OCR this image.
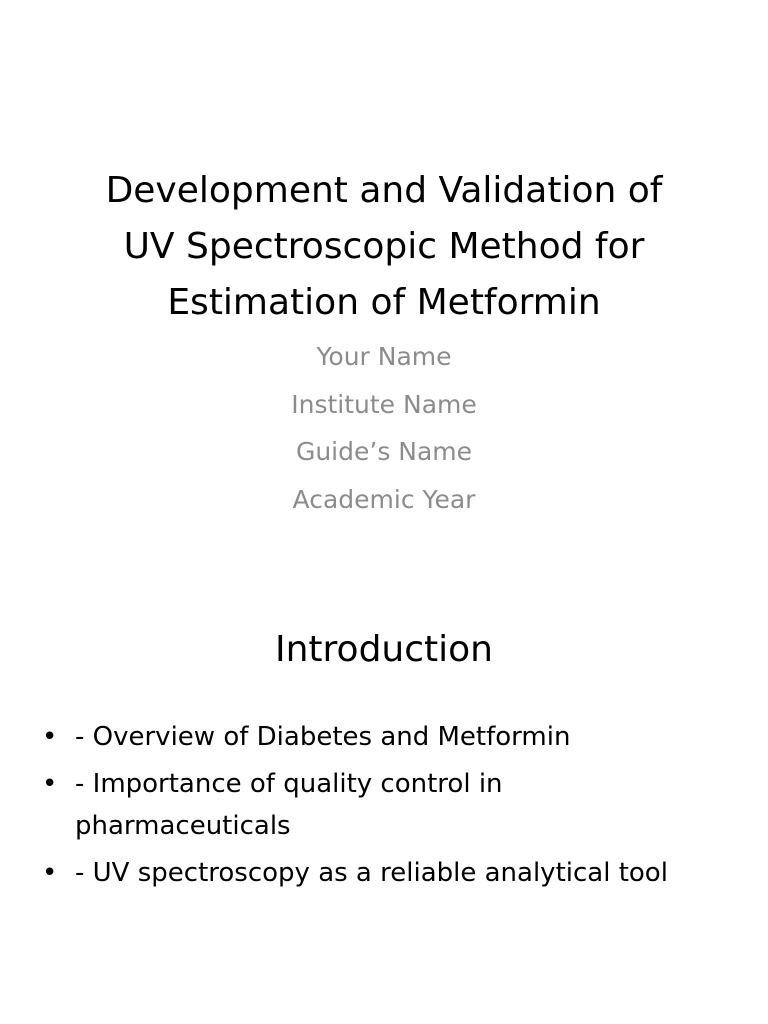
Development and Validation of
UV Spectroscopic Method for
Estimation of Metformin
Your Name
Institute Name
Guide’s Name
Academic Year
Introduction
• - Overview of Diabetes and Metformin
• - Importance of quality control in pharmaceuticals
• - UV spectroscopy as a reliable analytical tool
